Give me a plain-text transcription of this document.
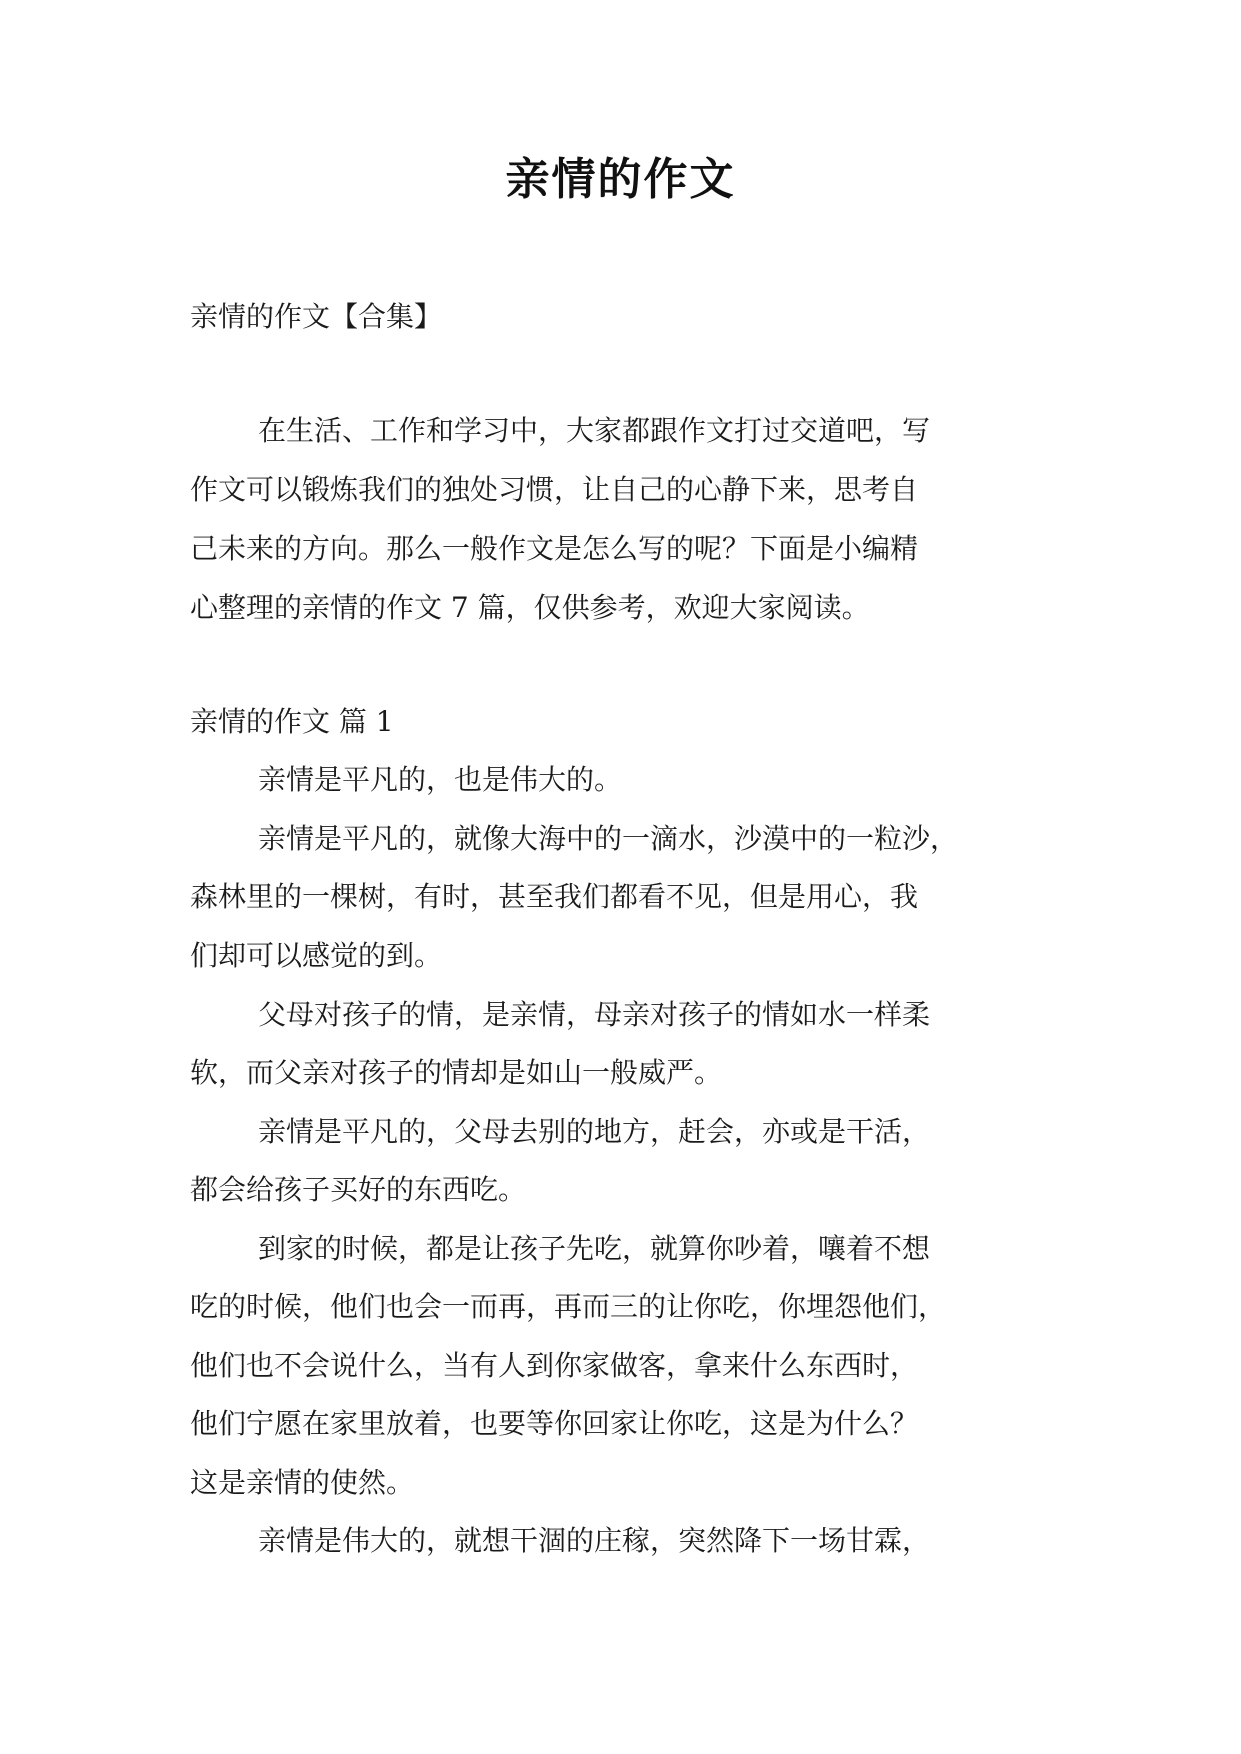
亲情的作文
亲情的作文【合集】
在生活、工作和学习中，大家都跟作文打过交道吧，写
作文可以锻炼我们的独处习惯，让自己的心静下来，思考自
己未来的方向。那么一般作文是怎么写的呢？下面是小编精
心整理的亲情的作文 7 篇，仅供参考，欢迎大家阅读。
亲情的作文 篇 1
亲情是平凡的，也是伟大的。
亲情是平凡的，就像大海中的一滴水，沙漠中的一粒沙，
森林里的一棵树，有时，甚至我们都看不见，但是用心，我
们却可以感觉的到。
父母对孩子的情，是亲情，母亲对孩子的情如水一样柔
软，而父亲对孩子的情却是如山一般威严。
亲情是平凡的，父母去别的地方，赶会，亦或是干活，
都会给孩子买好的东西吃。
到家的时候，都是让孩子先吃，就算你吵着，嚷着不想
吃的时候，他们也会一而再，再而三的让你吃，你埋怨他们，
他们也不会说什么，当有人到你家做客，拿来什么东西时，
他们宁愿在家里放着，也要等你回家让你吃，这是为什么？
这是亲情的使然。
亲情是伟大的，就想干涸的庄稼，突然降下一场甘霖，
